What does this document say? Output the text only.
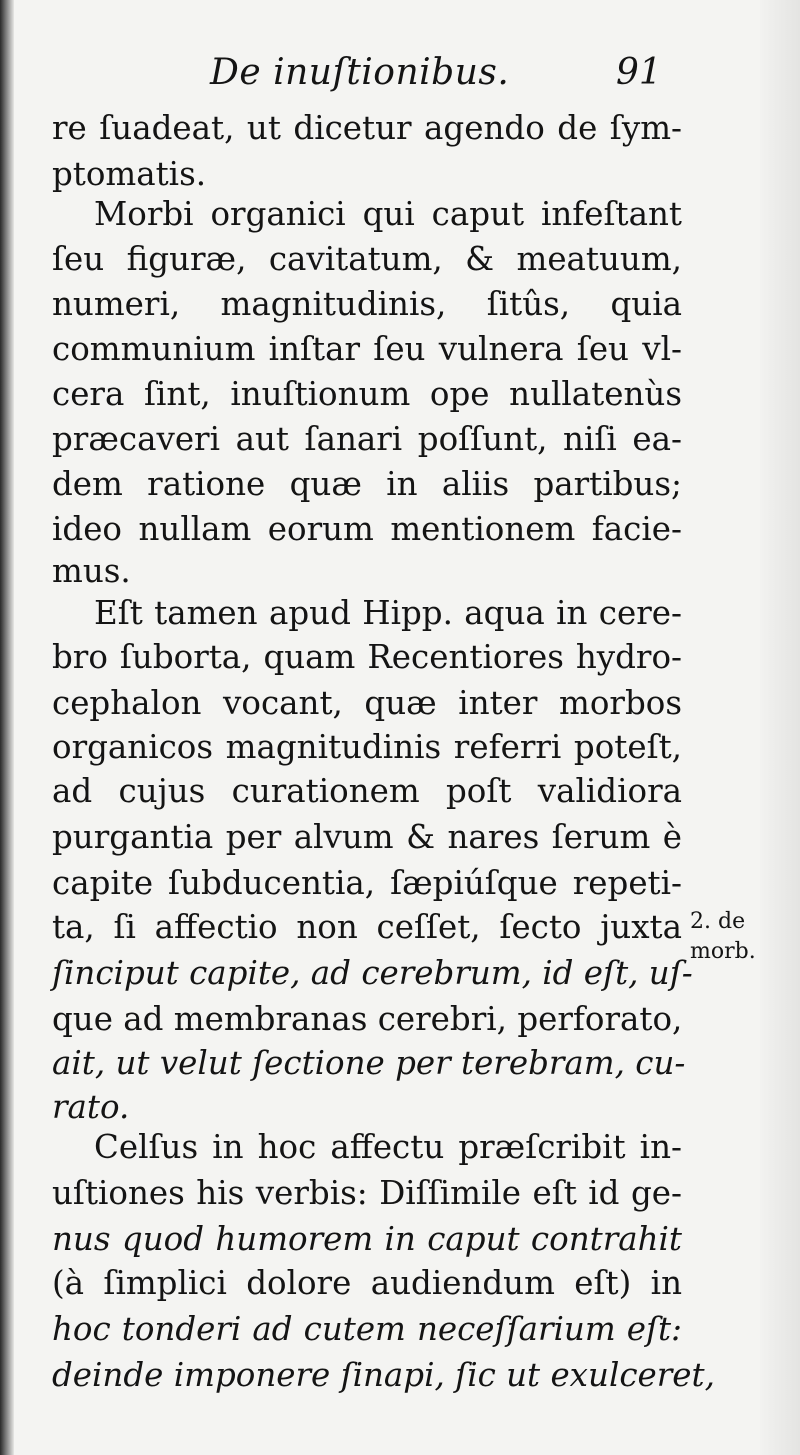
De inuſtionibus.	91
re ſuadeat, ut dicetur agendo de ſym-
ptomatis.
Morbi organici qui caput infeſtant
ſeu figuræ, cavitatum, & meatuum,
numeri, magnitudinis, ſitûs, quia
communium inſtar ſeu vulnera ſeu vl-
cera ſint, inuſtionum ope nullatenùs
præcaveri aut ſanari poſſunt, niſi ea-
dem ratione quæ in aliis partibus;
ideo nullam eorum mentionem facie-
mus.
Eſt tamen apud Hipp. aqua in cere-
bro ſuborta, quam Recentiores hydro-
cephalon vocant, quæ inter morbos
organicos magnitudinis referri poteſt,
ad cujus curationem poſt validiora
purgantia per alvum & nares ſerum è
capite ſubducentia, ſæpiúſque repeti-
ta, ſi affectio non ceſſet, ſecto juxta
ſinciput capite, ad cerebrum, id eſt, uſ-
que ad membranas cerebri, perforato,
ait, ut velut ſectione per terebram, cu-
rato.
Celſus in hoc affectu præſcribit in-
uſtiones his verbis: Diſſimile eſt id ge-
nus quod humorem in caput contrahit
(à ſimplici dolore audiendum eſt) in
hoc tonderi ad cutem neceſſarium eſt:
deinde imponere ſinapi, ſic ut exulceret,
2. de
morb.
